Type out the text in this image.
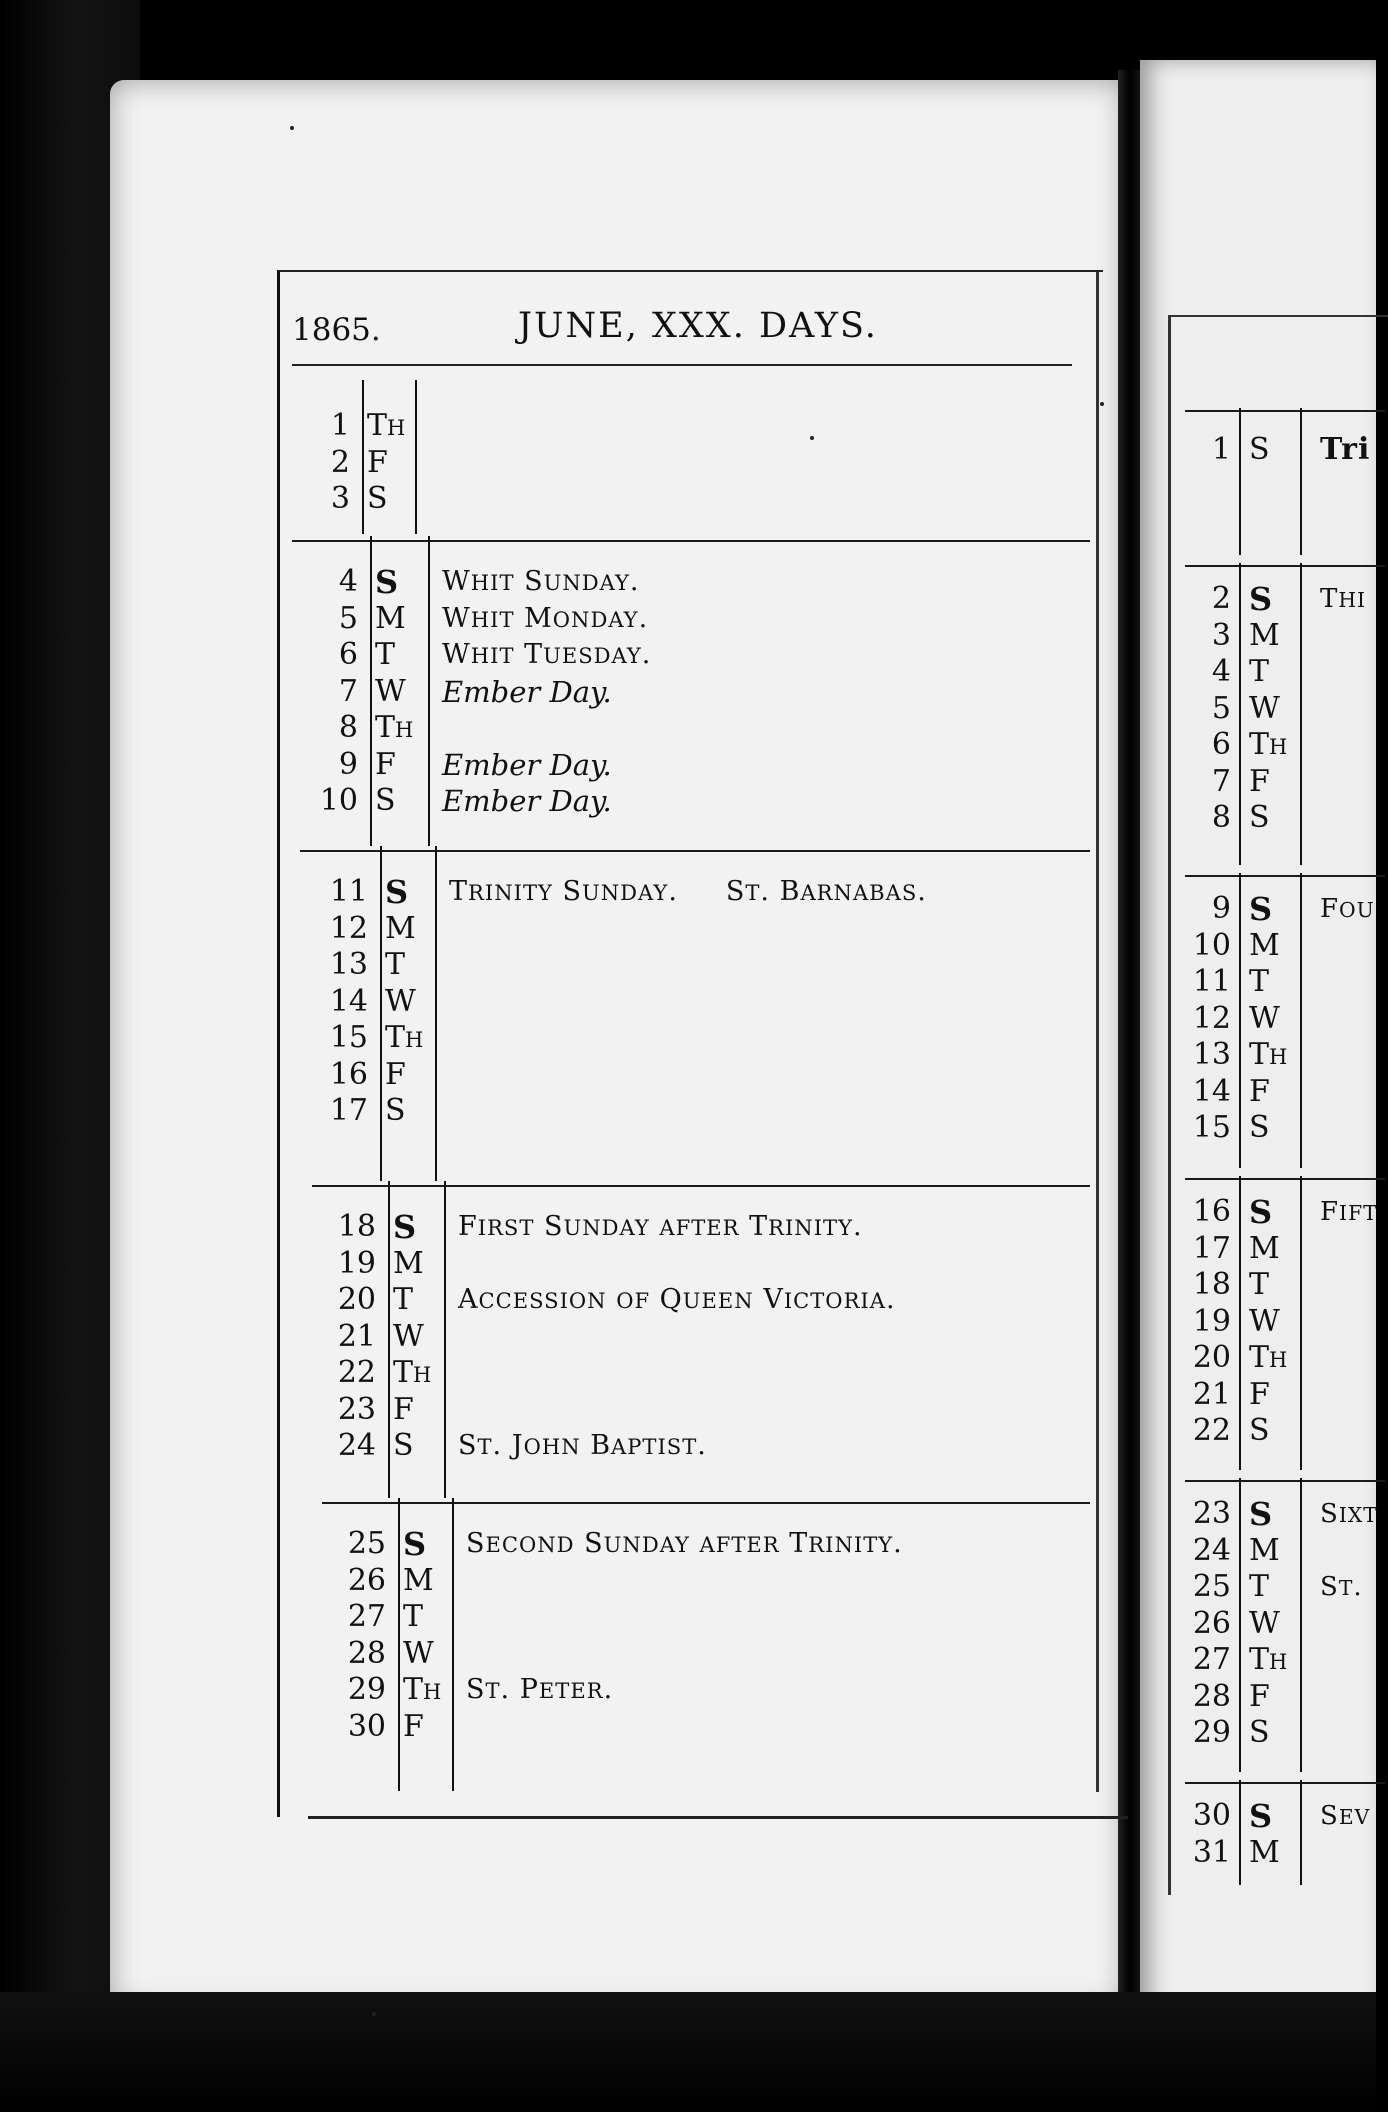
1 S Tri
2 S THI
3 M
4 T
5 W
6 TH
7 F
8 S
9 S FOU
10 M
11 T
12 W
13 TH
14 F
15 S
16 S FIFT
17 M
18 T
19 W
20 TH
21 F
22 S
23 S SIXT
24 M
25 T ST.
26 W
27 TH
28 F
29 S
30 S SEV
31 M
1865.	JUNE, XXX. DAYS.
1 TH
2 F
3 S
4 S WHIT SUNDAY.
5 M WHIT MONDAY.
6 T WHIT TUESDAY.
7 W Ember Day.
8 TH
9 F Ember Day.
10 S Ember Day.
11 S TRINITY SUNDAY. ST. BARNABAS.
12 M
13 T
14 W
15 TH
16 F
17 S
18 S FIRST SUNDAY AFTER TRINITY.
19 M
20 T ACCESSION OF QUEEN VICTORIA.
21 W
22 TH
23 F
24 S ST. JOHN BAPTIST.
25 S SECOND SUNDAY AFTER TRINITY.
26 M
27 T
28 W
29 TH ST. PETER.
30 F
